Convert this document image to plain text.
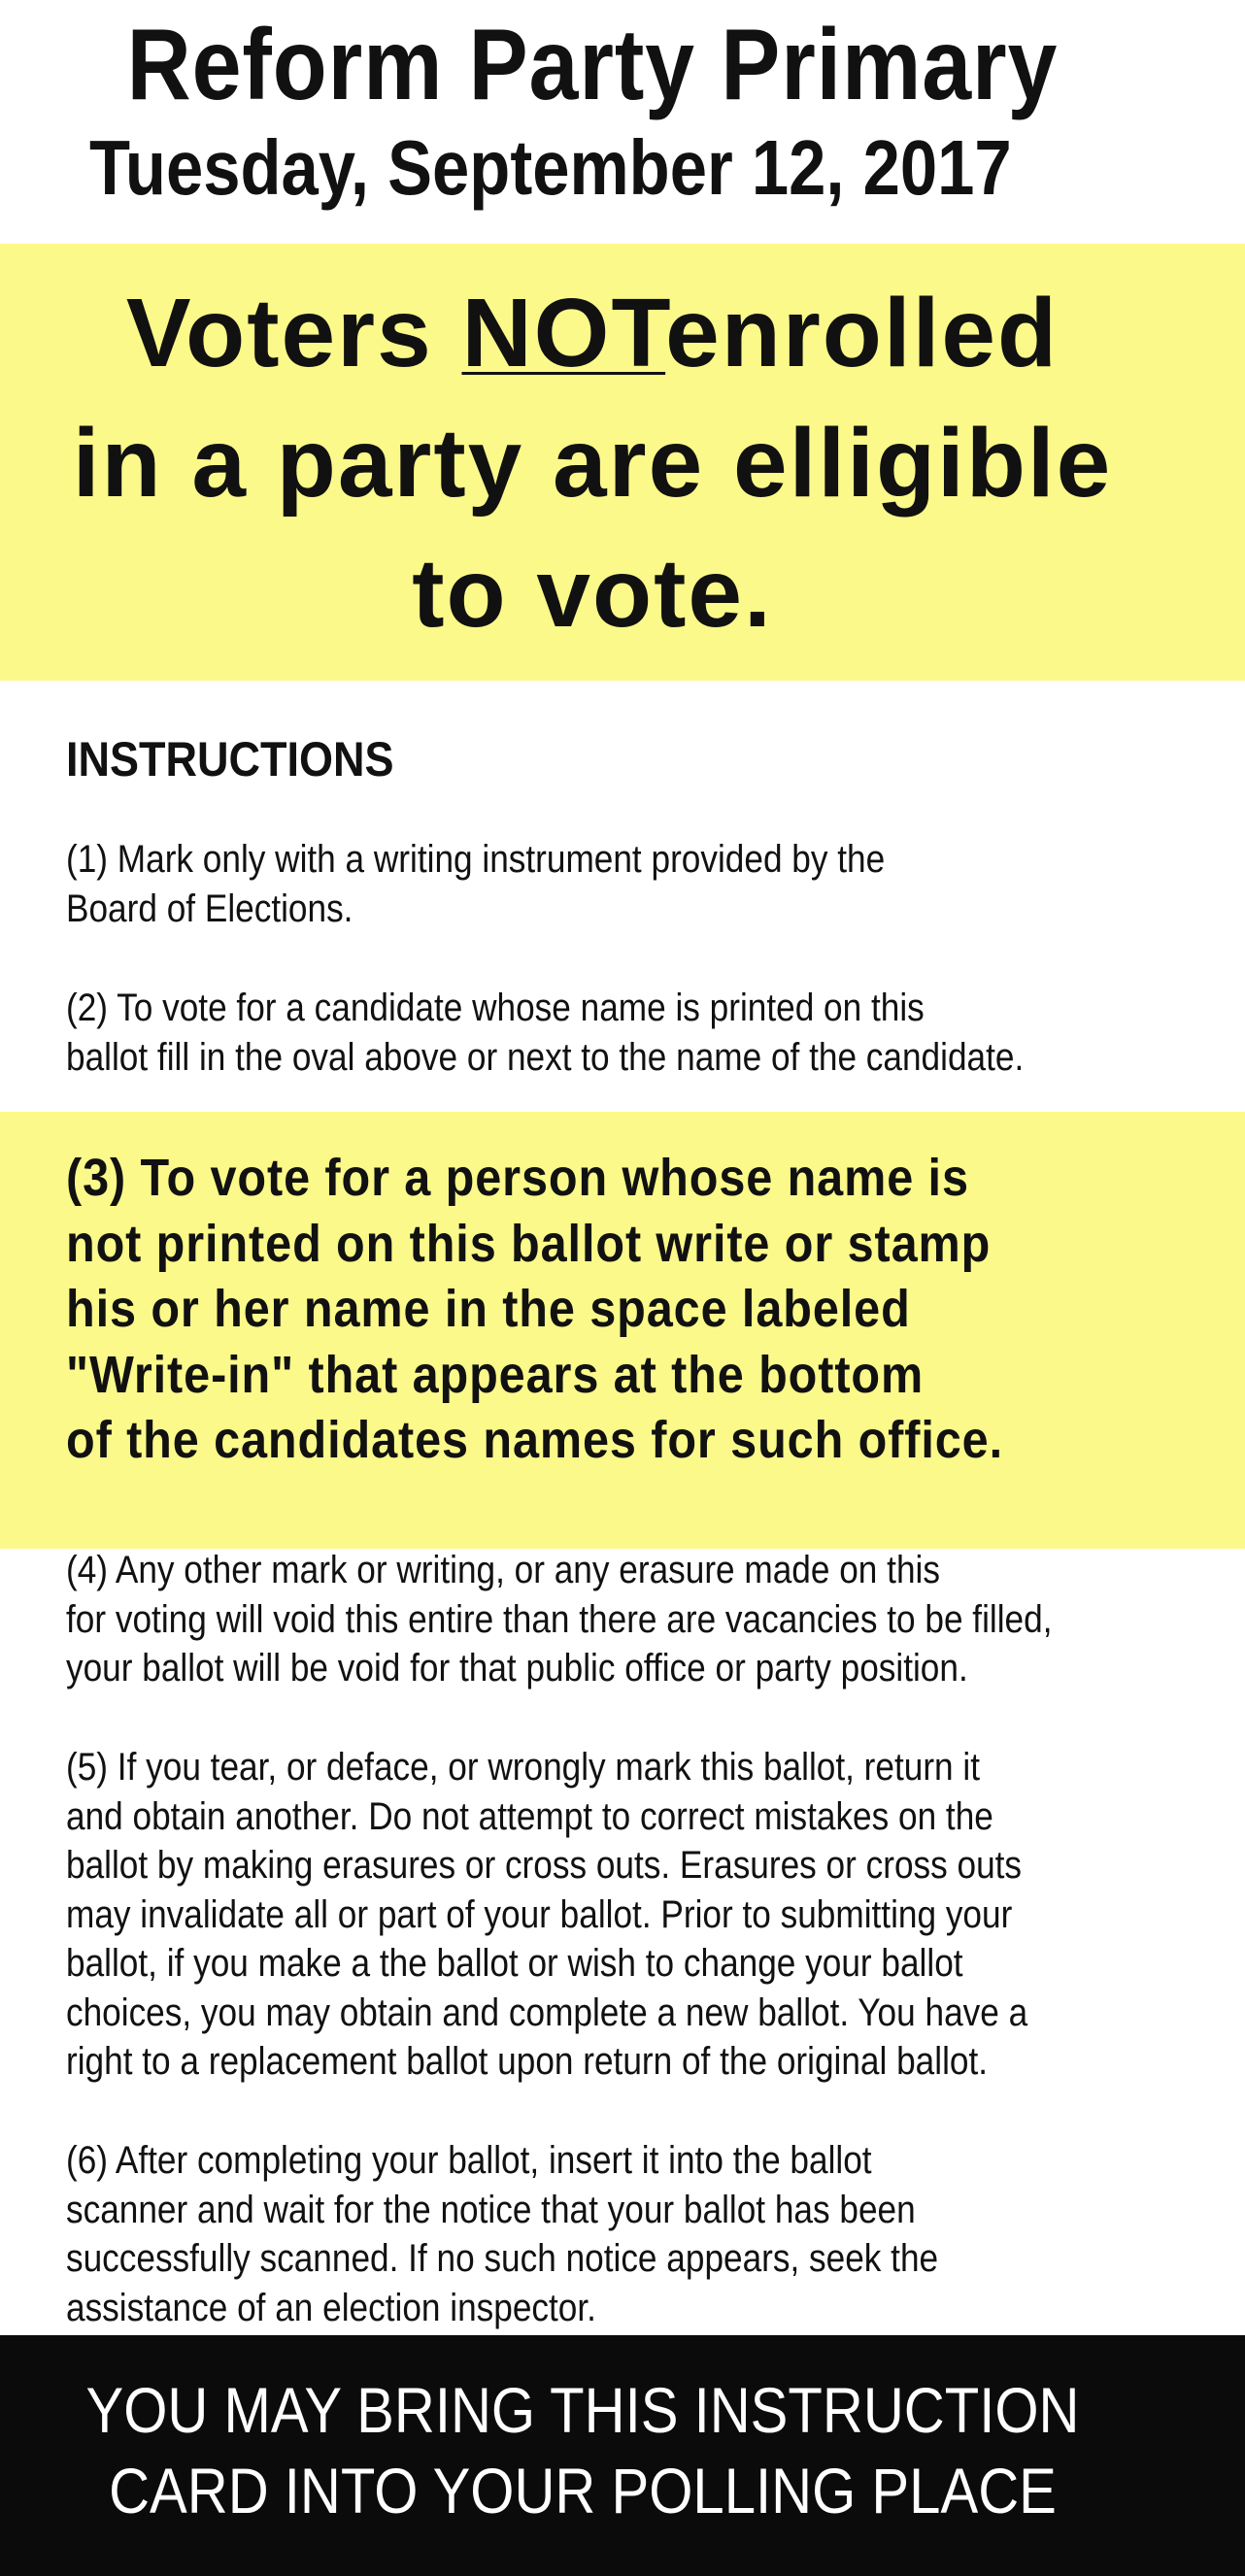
Reform Party Primary
Tuesday, September 12, 2017
Voters NOTenrolled
in a party are elligible
to vote.
INSTRUCTIONS
(1) Mark only with a writing instrument provided by the
Board of Elections.
(2) To vote for a candidate whose name is printed on this
ballot fill in the oval above or next to the name of the candidate.
(3) To vote for a person whose name is
not printed on this ballot write or stamp
his or her name in the space labeled
"Write-in" that appears at the bottom
of the candidates names for such office.
(4) Any other mark or writing, or any erasure made on this
for voting will void this entire than there are vacancies to be filled,
your ballot will be void for that public office or party position.
(5) If you tear, or deface, or wrongly mark this ballot, return it
and obtain another. Do not attempt to correct mistakes on the
ballot by making erasures or cross outs. Erasures or cross outs
may invalidate all or part of your ballot. Prior to submitting your
ballot, if you make a the ballot or wish to change your ballot
choices, you may obtain and complete a new ballot. You have a
right to a replacement ballot upon return of the original ballot.
(6) After completing your ballot, insert it into the ballot
scanner and wait for the notice that your ballot has been
successfully scanned. If no such notice appears, seek the
assistance of an election inspector.
YOU MAY BRING THIS INSTRUCTION
CARD INTO YOUR POLLING PLACE
